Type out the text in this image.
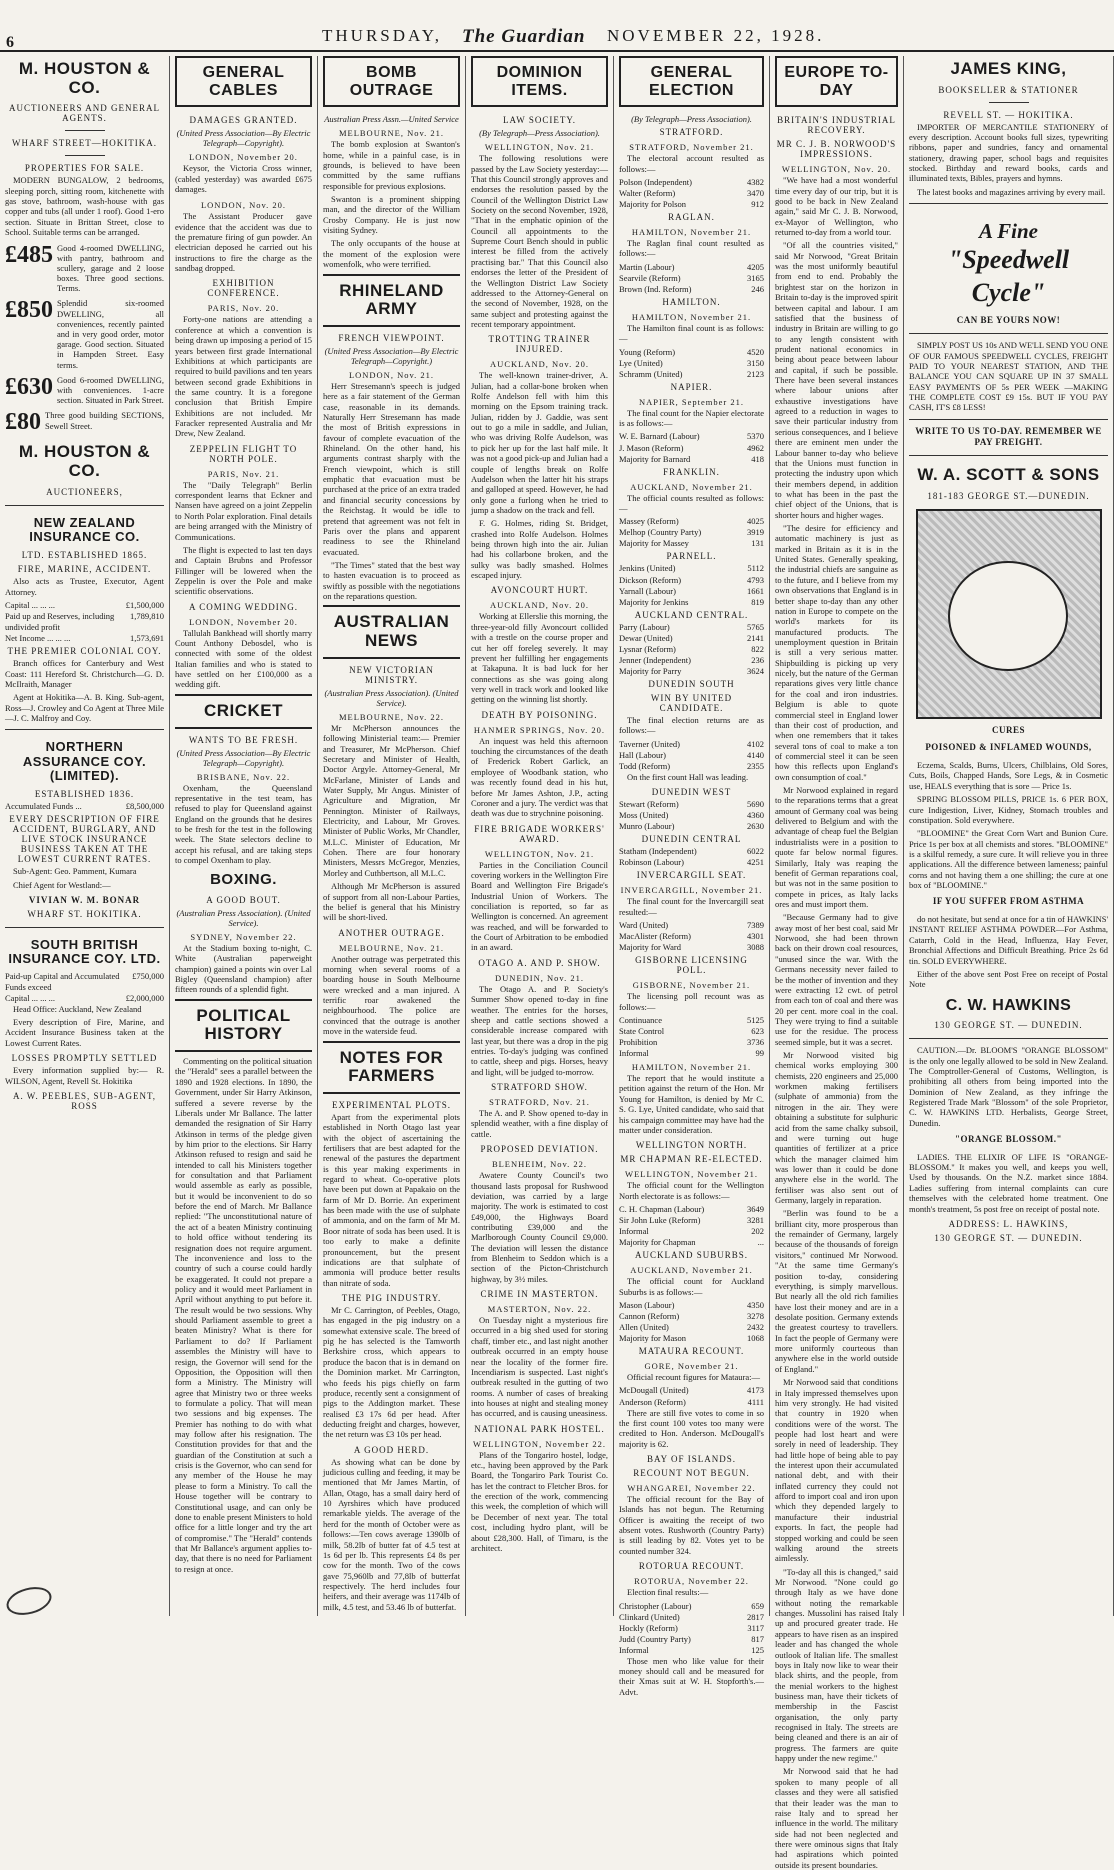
6	THURSDAY, The Guardian NOVEMBER 22, 1928.
M. HOUSTON & CO.
AUCTIONEERS AND GENERAL AGENTS.
WHARF STREET—HOKITIKA.
PROPERTIES FOR SALE.

MODERN BUNGALOW, 2 bedrooms, sleeping porch, sitting room, kitchenette with gas stove, bathroom, wash-house with gas copper and tubs (all under 1 roof). Good 1-ero section. Situate in Brittan Street, close to School. Suitable terms can be arranged.

£485 Good 4-roomed DWELLING, with pantry, bathroom and scullery, garage and 2 loose boxes. Three good sections. Terms.
£850 Splendid six-roomed DWELLING, all conveniences, recently painted and in very good order, motor garage. Good section. Situated in Hampden Street. Easy terms.
£630 Good 6-roomed DWELLING, with conveniences. 1-acre section. Situated in Park Street.
£80 Three good building SECTIONS, Sewell Street.
M. HOUSTON & CO.
AUCTIONEERS,
NEW ZEALAND INSURANCE CO.
LTD. ESTABLISHED 1865.
FIRE, MARINE, ACCIDENT.

Also acts as Trustee, Executor, Agent Attorney.

Capital ... ... ...	£1,500,000
Paid up and Reserves, including undivided profit
1,789,810
Net Income ... ... ...	1,573,691
THE PREMIER COLONIAL COY.

Branch offices for Canterbury and West Coast: 111 Hereford St. Christchurch—G. D. McIlraith, Manager

Agent at Hokitika—A. B. King. Sub-agent, Ross—J. Crowley and Co Agent at Three Mile—J. C. Malfroy and Coy.

NORTHERN ASSURANCE COY. (LIMITED).
ESTABLISHED 1836.
Accumulated Funds ...	£8,500,000
EVERY DESCRIPTION OF FIRE ACCIDENT, BURGLARY, AND LIVE STOCK INSURANCE BUSINESS TAKEN AT THE LOWEST CURRENT RATES.

Sub-Agent: Geo. Pamment, Kumara

Chief Agent for Westland:—

VIVIAN W. M. BONAR
WHARF ST. HOKITIKA.
SOUTH BRITISH INSURANCE COY. LTD.
Paid-up Capital and Accumulated Funds exceed
£750,000
Capital ... ... ...	£2,000,000

Head Office: Auckland, New Zealand

Every description of Fire, Marine, and Accident Insurance Business taken at the Lowest Current Rates.

LOSSES PROMPTLY SETTLED

Every information supplied by:— R. WILSON, Agent, Revell St. Hokitika

A. W. PEEBLES, SUB-AGENT, ROSS
GENERAL CABLES
DAMAGES GRANTED.
(United Press Association—By Electric Telegraph—Copyright).
LONDON, November 20.

Keysor, the Victoria Cross winner, (cabled yesterday) was awarded £675 damages.

LONDON, Nov. 20.

The Assistant Producer gave evidence that the accident was due to the premature firing of gun powder. An electrician deposed he carried out his instructions to fire the charge as the sandbag dropped.

EXHIBITION CONFERENCE.
PARIS, Nov. 20.

Forty-one nations are attending a conference at which a convention is being drawn up imposing a period of 15 years between first grade International Exhibitions at which participants are required to build pavilions and ten years between second grade Exhibitions in the same country. It is a foregone conclusion that British Empire Exhibitions are not included. Mr Faracker represented Australia and Mr Drew, New Zealand.

ZEPPELIN FLIGHT TO NORTH POLE.
PARIS, Nov. 21.

The "Daily Telegraph" Berlin correspondent learns that Eckner and Nansen have agreed on a joint Zeppelin to North Polar exploration. Final details are being arranged with the Ministry of Communications.

The flight is expected to last ten days and Captain Brubns and Professor Fillinger will be lowered when the Zeppelin is over the Pole and make scientific observations.

A COMING WEDDING.
LONDON, November 20.

Tallulah Bankhead will shortly marry Count Anthony Debosdel, who is connected with some of the oldest Italian families and who is stated to have settled on her £100,000 as a wedding gift.

CRICKET
WANTS TO BE FRESH.
(United Press Association—By Electric Telegraph—Copyright).
BRISBANE, Nov. 22.

Oxenham, the Queensland representative in the test team, has refused to play for Queensland against England on the grounds that he desires to be fresh for the test in the following week. The State selectors decline to accept his refusal, and are taking steps to compel Oxenham to play.

BOXING.
A GOOD BOUT.
(Australian Press Association). (United Service).
SYDNEY, November 22.

At the Stadium boxing to-night, C. White (Australian paperweight champion) gained a points win over Lal Bigley (Queensland champion) after fifteen rounds of a splendid fight.

POLITICAL HISTORY

Commenting on the political situation the "Herald" sees a parallel between the 1890 and 1928 elections. In 1890, the Government, under Sir Harry Atkinson, suffered a severe reverse by the Liberals under Mr Ballance. The latter demanded the resignation of Sir Harry Atkinson in terms of the pledge given by him prior to the elections. Sir Harry Atkinson refused to resign and said he intended to call his Ministers together for consultation and that Parliament would assemble as early as possible, but it would be inconvenient to do so before the end of March. Mr Ballance replied: "The unconstitutional nature of the act of a beaten Ministry continuing to hold office without tendering its resignation does not require argument. The inconvenience and loss to the country of such a course could hardly be exaggerated. It could not prepare a policy and it would meet Parliament in April without anything to put before it. The result would be two sessions. Why should Parliament assemble to greet a beaten Ministry? What is there for Parliament to do? If Parliament assembles the Ministry will have to resign, the Governor will send for the Opposition, the Opposition will then form a Ministry. The Ministry will agree that Ministry two or three weeks to formulate a policy. That will mean two sessions and big expenses. The Premier has nothing to do with what may follow after his resignation. The Constitution provides for that and the guardian of the Constitution at such a crisis is the Governor, who can send for any member of the House he may please to form a Ministry. To call the House together will be contrary to Constitutional usage, and can only be done to enable present Ministers to hold office for a little longer and try the art of compromise." The "Herald" contends that Mr Ballance's argument applies to-day, that there is no need for Parliament to resign at once.

BOMB OUTRAGE
Australian Press Assn.—United Service
MELBOURNE, Nov. 21.

The bomb explosion at Swanton's home, while in a painful case, is in grounds, is believed to have been committed by the same ruffians responsible for previous explosions.

Swanton is a prominent shipping man, and the director of the William Crosby Company. He is just now visiting Sydney.

The only occupants of the house at the moment of the explosion were womenfolk, who were terrified.

RHINELAND ARMY
FRENCH VIEWPOINT.
(United Press Association—By Electric Telegraph—Copyright.)
LONDON, Nov. 21.

Herr Stresemann's speech is judged here as a fair statement of the German case, reasonable in its demands. Naturally Herr Stresemann has made the most of British expressions in favour of complete evacuation of the Rhineland. On the other hand, his arguments contrast sharply with the French viewpoint, which is still emphatic that evacuation must be purchased at the price of an extra traded and financial security concessions by the Reichstag. It would be idle to pretend that agreement was not felt in Paris over the plans and apparent readiness to see the Rhineland evacuated.

"The Times" stated that the best way to hasten evacuation is to proceed as swiftly as possible with the negotiations on the reparations question.

AUSTRALIAN NEWS
NEW VICTORIAN MINISTRY.
(Australian Press Association). (United Service).
MELBOURNE, Nov. 22.

Mr McPherson announces the following Ministerial team:— Premier and Treasurer, Mr McPherson. Chief Secretary and Minister of Health, Doctor Argyle. Attorney-General, Mr McFarlane, Minister of Lands and Water Supply, Mr Angus. Minister of Agriculture and Migration, Mr Pennington. Minister of Railways, Electricity, and Labour, Mr Groves. Minister of Public Works, Mr Chandler, M.L.C. Minister of Education, Mr Cohen. There are four honorary Ministers, Messrs McGregor, Menzies, Morley and Cuthbertson, all M.L.C.

Although Mr McPherson is assured of support from all non-Labour Parties, the belief is general that his Ministry will be short-lived.

ANOTHER OUTRAGE.
MELBOURNE, Nov. 21.

Another outrage was perpetrated this morning when several rooms of a boarding house in South Melbourne were wrecked and a man injured. A terrific roar awakened the neighbourhood. The police are convinced that the outrage is another move in the waterside feud.

NOTES FOR FARMERS
EXPERIMENTAL PLOTS.

Apart from the experimental plots established in North Otago last year with the object of ascertaining the fertilisers that are best adapted for the renewal of the pastures the department is this year making experiments in regard to wheat. Co-operative plots have been put down at Papakaio on the farm of Mr D. Borrie. An experiment has been made with the use of sulphate of ammonia, and on the farm of Mr M. Boor nitrate of soda has been used. It is too early to make a definite pronouncement, but the present indications are that sulphate of ammonia will produce better results than nitrate of soda.

THE PIG INDUSTRY.

Mr C. Carrington, of Peebles, Otago, has engaged in the pig industry on a somewhat extensive scale. The breed of pig he has selected is the Tamworth Berkshire cross, which appears to produce the bacon that is in demand on the Dominion market. Mr Carrington, who feeds his pigs chiefly on farm produce, recently sent a consignment of pigs to the Addington market. These realised £3 17s 6d per head. After deducting freight and charges, however, the net return was £3 10s per head.

A GOOD HERD.

As showing what can be done by judicious culling and feeding, it may be mentioned that Mr James Martin, of Allan, Otago, has a small dairy herd of 10 Ayrshires which have produced remarkable yields. The average of the herd for the month of October were as follows:—Ten cows average 1390lb of milk, 58.2lb of butter fat of 4.5 test at 1s 6d per lb. This represents £4 8s per cow for the month. Two of the cows gave 75,960lb and 77,8lb of butterfat respectively. The herd includes four heifers, and their average was 1174lb of milk, 4.5 test, and 53.46 lb of butterfat.

DOMINION ITEMS.
LAW SOCIETY.
(By Telegraph—Press Association).
WELLINGTON, Nov. 21.

The following resolutions were passed by the Law Society yesterday:— That this Council strongly approves and endorses the resolution passed by the Council of the Wellington District Law Society on the second November, 1928, "That in the emphatic opinion of the Council all appointments to the Supreme Court Bench should in public interest be filled from the actively practising bar." That this Council also endorses the letter of the President of the Wellington District Law Society addressed to the Attorney-General on the second of November, 1928, on the same subject and protesting against the recent temporary appointment.

TROTTING TRAINER INJURED.
AUCKLAND, Nov. 20.

The well-known trainer-driver, A. Julian, had a collar-bone broken when Rolfe Andelson fell with him this morning on the Epsom training track. Julian, ridden by J. Gaddie, was sent out to go a mile in saddle, and Julian, who was driving Rolfe Audelson, was to pick her up for the last half mile. It was not a good pick-up and Julian had a couple of lengths break on Rolfe Audelson when the latter hit his straps and galloped at speed. However, he had only gone a furlong when he tried to jump a shadow on the track and fell.

F. G. Holmes, riding St. Bridget, crashed into Rolfe Audelson. Holmes being thrown high into the air. Julian had his collarbone broken, and the sulky was badly smashed. Holmes escaped injury.

AVONCOURT HURT.
AUCKLAND, Nov. 20.

Working at Ellerslie this morning, the three-year-old filly Avoncourt collided with a trestle on the course proper and cut her off foreleg severely. It may prevent her fulfilling her engagements at Takapuna. It is bad luck for her connections as she was going along very well in track work and looked like getting on the winning list shortly.

DEATH BY POISONING.
HANMER SPRINGS, Nov. 20.

An inquest was held this afternoon touching the circumstances of the death of Frederick Robert Garlick, an employee of Woodbank station, who was recently found dead in his hut, before Mr James Ashton, J.P., acting Coroner and a jury. The verdict was that death was due to strychnine poisoning.

FIRE BRIGADE WORKERS' AWARD.
WELLINGTON, Nov. 21.

Parties in the Conciliation Council covering workers in the Wellington Fire Board and Wellington Fire Brigade's Industrial Union of Workers. The conciliation is reported, so far as Wellington is concerned. An agreement was reached, and will be forwarded to the Court of Arbitration to be embodied in an award.

OTAGO A. AND P. SHOW.
DUNEDIN, Nov. 21.

The Otago A. and P. Society's Summer Show opened to-day in fine weather. The entries for the horses, sheep and cattle sections showed a considerable increase compared with last year, but there was a drop in the pig entries. To-day's judging was confined to cattle, sheep and pigs. Horses, heavy and light, will be judged to-morrow.

STRATFORD SHOW.
STRATFORD, Nov. 21.

The A. and P. Show opened to-day in splendid weather, with a fine display of cattle.

PROPOSED DEVIATION.
BLENHEIM, Nov. 22.

Awatere County Council's two thousand lasts proposal for Rushwood deviation, was carried by a large majority. The work is estimated to cost £49,000, the Highways Board contributing £39,000 and the Marlborough County Council £9,000. The deviation will lessen the distance from Blenheim to Seddon which is a section of the Picton-Christchurch highway, by 3½ miles.

CRIME IN MASTERTON.
MASTERTON, Nov. 22.

On Tuesday night a mysterious fire occurred in a big shed used for storing chaff, timber etc., and last night another outbreak occurred in an empty house near the locality of the former fire. Incendiarism is suspected. Last night's outbreak resulted in the gutting of two rooms. A number of cases of breaking into houses at night and stealing money has occurred, and is causing uneasiness.

NATIONAL PARK HOSTEL.
WELLINGTON, November 22.

Plans of the Tongariro hostel, lodge, etc., having been approved by the Park Board, the Tongariro Park Tourist Co. has let the contract to Fletcher Bros. for the erection of the work, commencing this week, the completion of which will be December of next year. The total cost, including hydro plant, will be about £28,300. Hall, of Timaru, is the architect.

GENERAL ELECTION
(By Telegraph—Press Association).
STRATFORD.
STRATFORD, November 21.

The electoral account resulted as follows:—

Polson (Independent)	4382
Walter (Reform)	3470
Majority for Polson	912
RAGLAN.
HAMILTON, November 21.

The Raglan final count resulted as follows:—

Martin (Labour)	4205
Searvile (Reform)	3165
Brown (Ind. Reform)	246
HAMILTON.
HAMILTON, November 21.

The Hamilton final count is as follows:—

Young (Reform)	4520
Lye (United)	3150
Schramm (United)	2123
NAPIER.
NAPIER, September 21.

The final count for the Napier electorate is as follows:—

W. E. Barnard (Labour)	5370
J. Mason (Reform)	4962
Majority for Barnard	418
FRANKLIN.
AUCKLAND, November 21.

The official counts resulted as follows:—

Massey (Reform)	4025
Melhop (Country Party)	3919
Majority for Massey	131
PARNELL.
Jenkins (United)	5112
Dickson (Reform)	4793
Yarnall (Labour)	1661
Majority for Jenkins	819
AUCKLAND CENTRAL.
Parry (Labour)	5765
Dewar (United)	2141
Lysnar (Reform)	822
Jenner (Independent)	236
Majority for Parry	3624
DUNEDIN SOUTH
WIN BY UNITED CANDIDATE.

The final election returns are as follows:—

Taverner (United)	4102
Hall (Labour)	4140
Todd (Reform)	2355

On the first count Hall was leading.

DUNEDIN WEST
Stewart (Reform)	5690
Moss (United)	4360
Munro (Labour)	2630
DUNEDIN CENTRAL
Statham (Independent)	6022
Robinson (Labour)	4251
INVERCARGILL SEAT.
INVERCARGILL, November 21.

The final count for the Invercargill seat resulted:—

Ward (United)	7389
MacAlister (Reform)	4301
Majority for Ward	3088
GISBORNE LICENSING POLL.
GISBORNE, November 21.

The licensing poll recount was as follows:—

Continuance	5125
State Control	623
Prohibition	3736
Informal	99
HAMILTON, November 21.

The report that he would institute a petition against the return of the Hon. Mr Young for Hamilton, is denied by Mr C. S. G. Lye, United candidate, who said that his campaign committee may have had the matter under consideration.

WELLINGTON NORTH.
MR CHAPMAN RE-ELECTED.
WELLINGTON, November 21.

The official count for the Wellington North electorate is as follows:—

C. H. Chapman (Labour)	3649
Sir John Luke (Reform)	3281
Informal	202
Majority for Chapman	...
AUCKLAND SUBURBS.
AUCKLAND, November 21.

The official count for Auckland Suburbs is as follows:—

Mason (Labour)	4350
Cannon (Reform)	3278
Allen (United)	2432
Majority for Mason	1068
MATAURA RECOUNT.
GORE, November 21.

Official recount figures for Mataura:—

McDougall (United)	4173
Anderson (Reform)	4111

There are still five votes to come in so the first count 100 votes too many were credited to Hon. Anderson. McDougall's majority is 62.

BAY OF ISLANDS.
RECOUNT NOT BEGUN.
WHANGAREI, November 22.

The official recount for the Bay of Islands has not begun. The Returning Officer is awaiting the receipt of two absent votes. Rushworth (Country Party) is still leading by 82. Votes yet to be counted number 324.

ROTORUA RECOUNT.
ROTORUA, November 22.

Election final results:—

Christopher (Labour)	659
Clinkard (United)	2817
Hockly (Reform)	3117
Judd (Country Party)	817
Informal	125

Those men who like value for their money should call and be measured for their Xmas suit at W. H. Stopforth's.—Advt.

EUROPE TO-DAY
BRITAIN'S INDUSTRIAL RECOVERY.
MR C. J. B. NORWOOD'S IMPRESSIONS.
WELLINGTON, Nov. 20.

"We have had a most wonderful time every day of our trip, but it is good to be back in New Zealand again," said Mr C. J. B. Norwood, ex-Mayor of Wellington, who returned to-day from a world tour.

"Of all the countries visited," said Mr Norwood, "Great Britain was the most uniformly beautiful from end to end. Probably the brightest star on the horizon in Britain to-day is the improved spirit between capital and labour. I am satisfied that the business of industry in Britain are willing to go to any length consistent with prudent national economics in being about peace between labour and capital, if such be possible. There have been several instances where labour unions after exhaustive investigations have agreed to a reduction in wages to save their particular industry from serious consequences, and I believe there are eminent men under the Labour banner to-day who believe that the Unions must function in protecting the industry upon which their members depend, in addition to what has been in the past the chief object of the Unions, that is shorter hours and higher wages.

"The desire for efficiency and automatic machinery is just as marked in Britain as it is in the United States. Generally speaking, the industrial chiefs are sanguine as to the future, and I believe from my own observations that England is in better shape to-day than any other nation in Europe to compete on the world's markets for its manufactured products. The unemployment question in Britain is still a very serious matter. Shipbuilding is picking up very nicely, but the nature of the German reparations gives very little chance for the coal and iron industries. Belgium is able to quote commercial steel in England lower than their cost of production, and when one remembers that it takes several tons of coal to make a ton of commercial steel it can be seen how this reflects upon England's own consumption of coal."

Mr Norwood explained in regard to the reparations terms that a great amount of Germany coal was being delivered to Belgium and with the advantage of cheap fuel the Belgian industrialists were in a position to quote far below normal figures. Similarly, Italy was reaping the benefit of German reparations coal, but was not in the same position to compete in prices, as Italy lacks ores and must import them.

"Because Germany had to give away most of her best coal, said Mr Norwood, she had been thrown back on their drown coal resources, "unused since the war. With the Germans necessity never failed to be the mother of invention and they were extracting 12 cwt. of petrol from each ton of coal and there was 20 per cent. more coal in the coal. They were trying to find a suitable use for the residue. The process seemed simple, but it was a secret.

Mr Norwood visited big chemical works employing 300 chemists, 220 engineers and 25,000 workmen making fertilisers (sulphate of ammonia) from the nitrogen in the air. They were obtaining a substitute for sulphuric acid from the same chalky subsoil, and were turning out huge quantities of fertilizer at a price which the manager claimed him was lower than it could be done anywhere else in the world. The fertiliser was also sent out of Germany, largely in reparation.

"Berlin was found to be a brilliant city, more prosperous than the remainder of Germany, largely because of the thousands of foreign visitors," continued Mr Norwood. "At the same time Germany's position to-day, considering everything, is simply marvellous. But nearly all the old rich families have lost their money and are in a desolate position. Germany extends the greatest courtesy to travellers. In fact the people of Germany were more uniformly courteous than anywhere else in the world outside of England."

Mr Norwood said that conditions in Italy impressed themselves upon him very strongly. He had visited that country in 1920 when conditions were of the worst. The people had lost heart and were sorely in need of leadership. They had little hope of being able to pay the interest upon their accumulated national debt, and with their inflated currency they could not afford to import coal and iron upon which they depended largely to manufacture their industrial exports. In fact, the people had stopped working and could be seen walking around the streets aimlessly.

"To-day all this is changed," said Mr Norwood. "None could go through Italy as we have done without noting the remarkable changes. Mussolini has raised Italy up and procured greater trade. He appears to have risen as an inspired leader and has changed the whole outlook of Italian life. The smallest boys in Italy now like to wear their black shirts, and the people, from the menial workers to the highest business man, have their tickets of membership in the Fascist organisation, the only party recognised in Italy. The streets are being cleaned and there is an air of progress. The farmers are quite happy under the new regime."

Mr Norwood said that he had spoken to many people of all classes and they were all satisfied that their leader was the man to raise Italy and to spread her influence in the world. The military side had not been neglected and there were ominous signs that Italy had aspirations which pointed outside its present boundaries.

JAMES KING,
BOOKSELLER & STATIONER
REVELL ST. — HOKITIKA.

IMPORTER OF MERCANTILE STATIONERY of every description. Account books full sizes, typewriting ribbons, paper and sundries, fancy and ornamental stationery, drawing paper, school bags and requisites stocked. Birthday and reward books, cards and illuminated texts, Bibles, prayers and hymns.

The latest books and magazines arriving by every mail.

A Fine
"Speedwell
Cycle"
CAN BE YOURS NOW!

SIMPLY POST US 10s AND WE'LL SEND YOU ONE OF OUR FAMOUS SPEEDWELL CYCLES, FREIGHT PAID TO YOUR NEAREST STATION, AND THE BALANCE YOU CAN SQUARE UP IN 37 SMALL EASY PAYMENTS OF 5s PER WEEK —MAKING THE COMPLETE COST £9 15s. BUT IF YOU PAY CASH, IT'S £8 LESS!

WRITE TO US TO-DAY. REMEMBER WE PAY FREIGHT.
W. A. SCOTT & SONS
181-183 GEORGE ST.—DUNEDIN.
CURES
POISONED & INFLAMED WOUNDS,

Eczema, Scalds, Burns, Ulcers, Chilblains, Old Sores, Cuts, Boils, Chapped Hands, Sore Legs, & in Cosmetic use, HEALS everything that is sore — Price 1s.

SPRING BLOSSOM PILLS, PRICE 1s. 6 PER BOX, cure Indigestion, Liver, Kidney, Stomach troubles and constipation. Sold everywhere.

"BLOOMINE" the Great Corn Wart and Bunion Cure. Price 1s per box at all chemists and stores. "BLOOMINE" is a skilful remedy, a sure cure. It will relieve you in three applications. All the difference between lameness; painful corns and not having them a one shilling; the cure at one box of "BLOOMINE."

IF YOU SUFFER FROM ASTHMA

do not hesitate, but send at once for a tin of HAWKINS' INSTANT RELIEF ASTHMA POWDER—For Asthma, Catarrh, Cold in the Head, Influenza, Hay Fever, Bronchial Affections and Difficult Breathing. Price 2s 6d tin. SOLD EVERYWHERE.

Either of the above sent Post Free on receipt of Postal Note

C. W. HAWKINS
130 GEORGE ST. — DUNEDIN.

CAUTION.—Dr. BLOOM'S "ORANGE BLOSSOM" is the only one legally allowed to be sold in New Zealand. The Comptroller-General of Customs, Wellington, is prohibiting all others from being imported into the Dominion of New Zealand, as they infringe the Registered Trade Mark "Blossom" of the sole Proprietor, C. W. HAWKINS LTD. Herbalists, George Street, Dunedin.

"ORANGE BLOSSOM."

LADIES. THE ELIXIR OF LIFE IS "ORANGE-BLOSSOM." It makes you well, and keeps you well, Used by thousands. On the N.Z. market since 1884. Ladies suffering from internal complaints can cure themselves with the celebrated home treatment. One month's treatment, 5s post free on receipt of postal note.

ADDRESS: L. HAWKINS,
130 GEORGE ST. — DUNEDIN.
